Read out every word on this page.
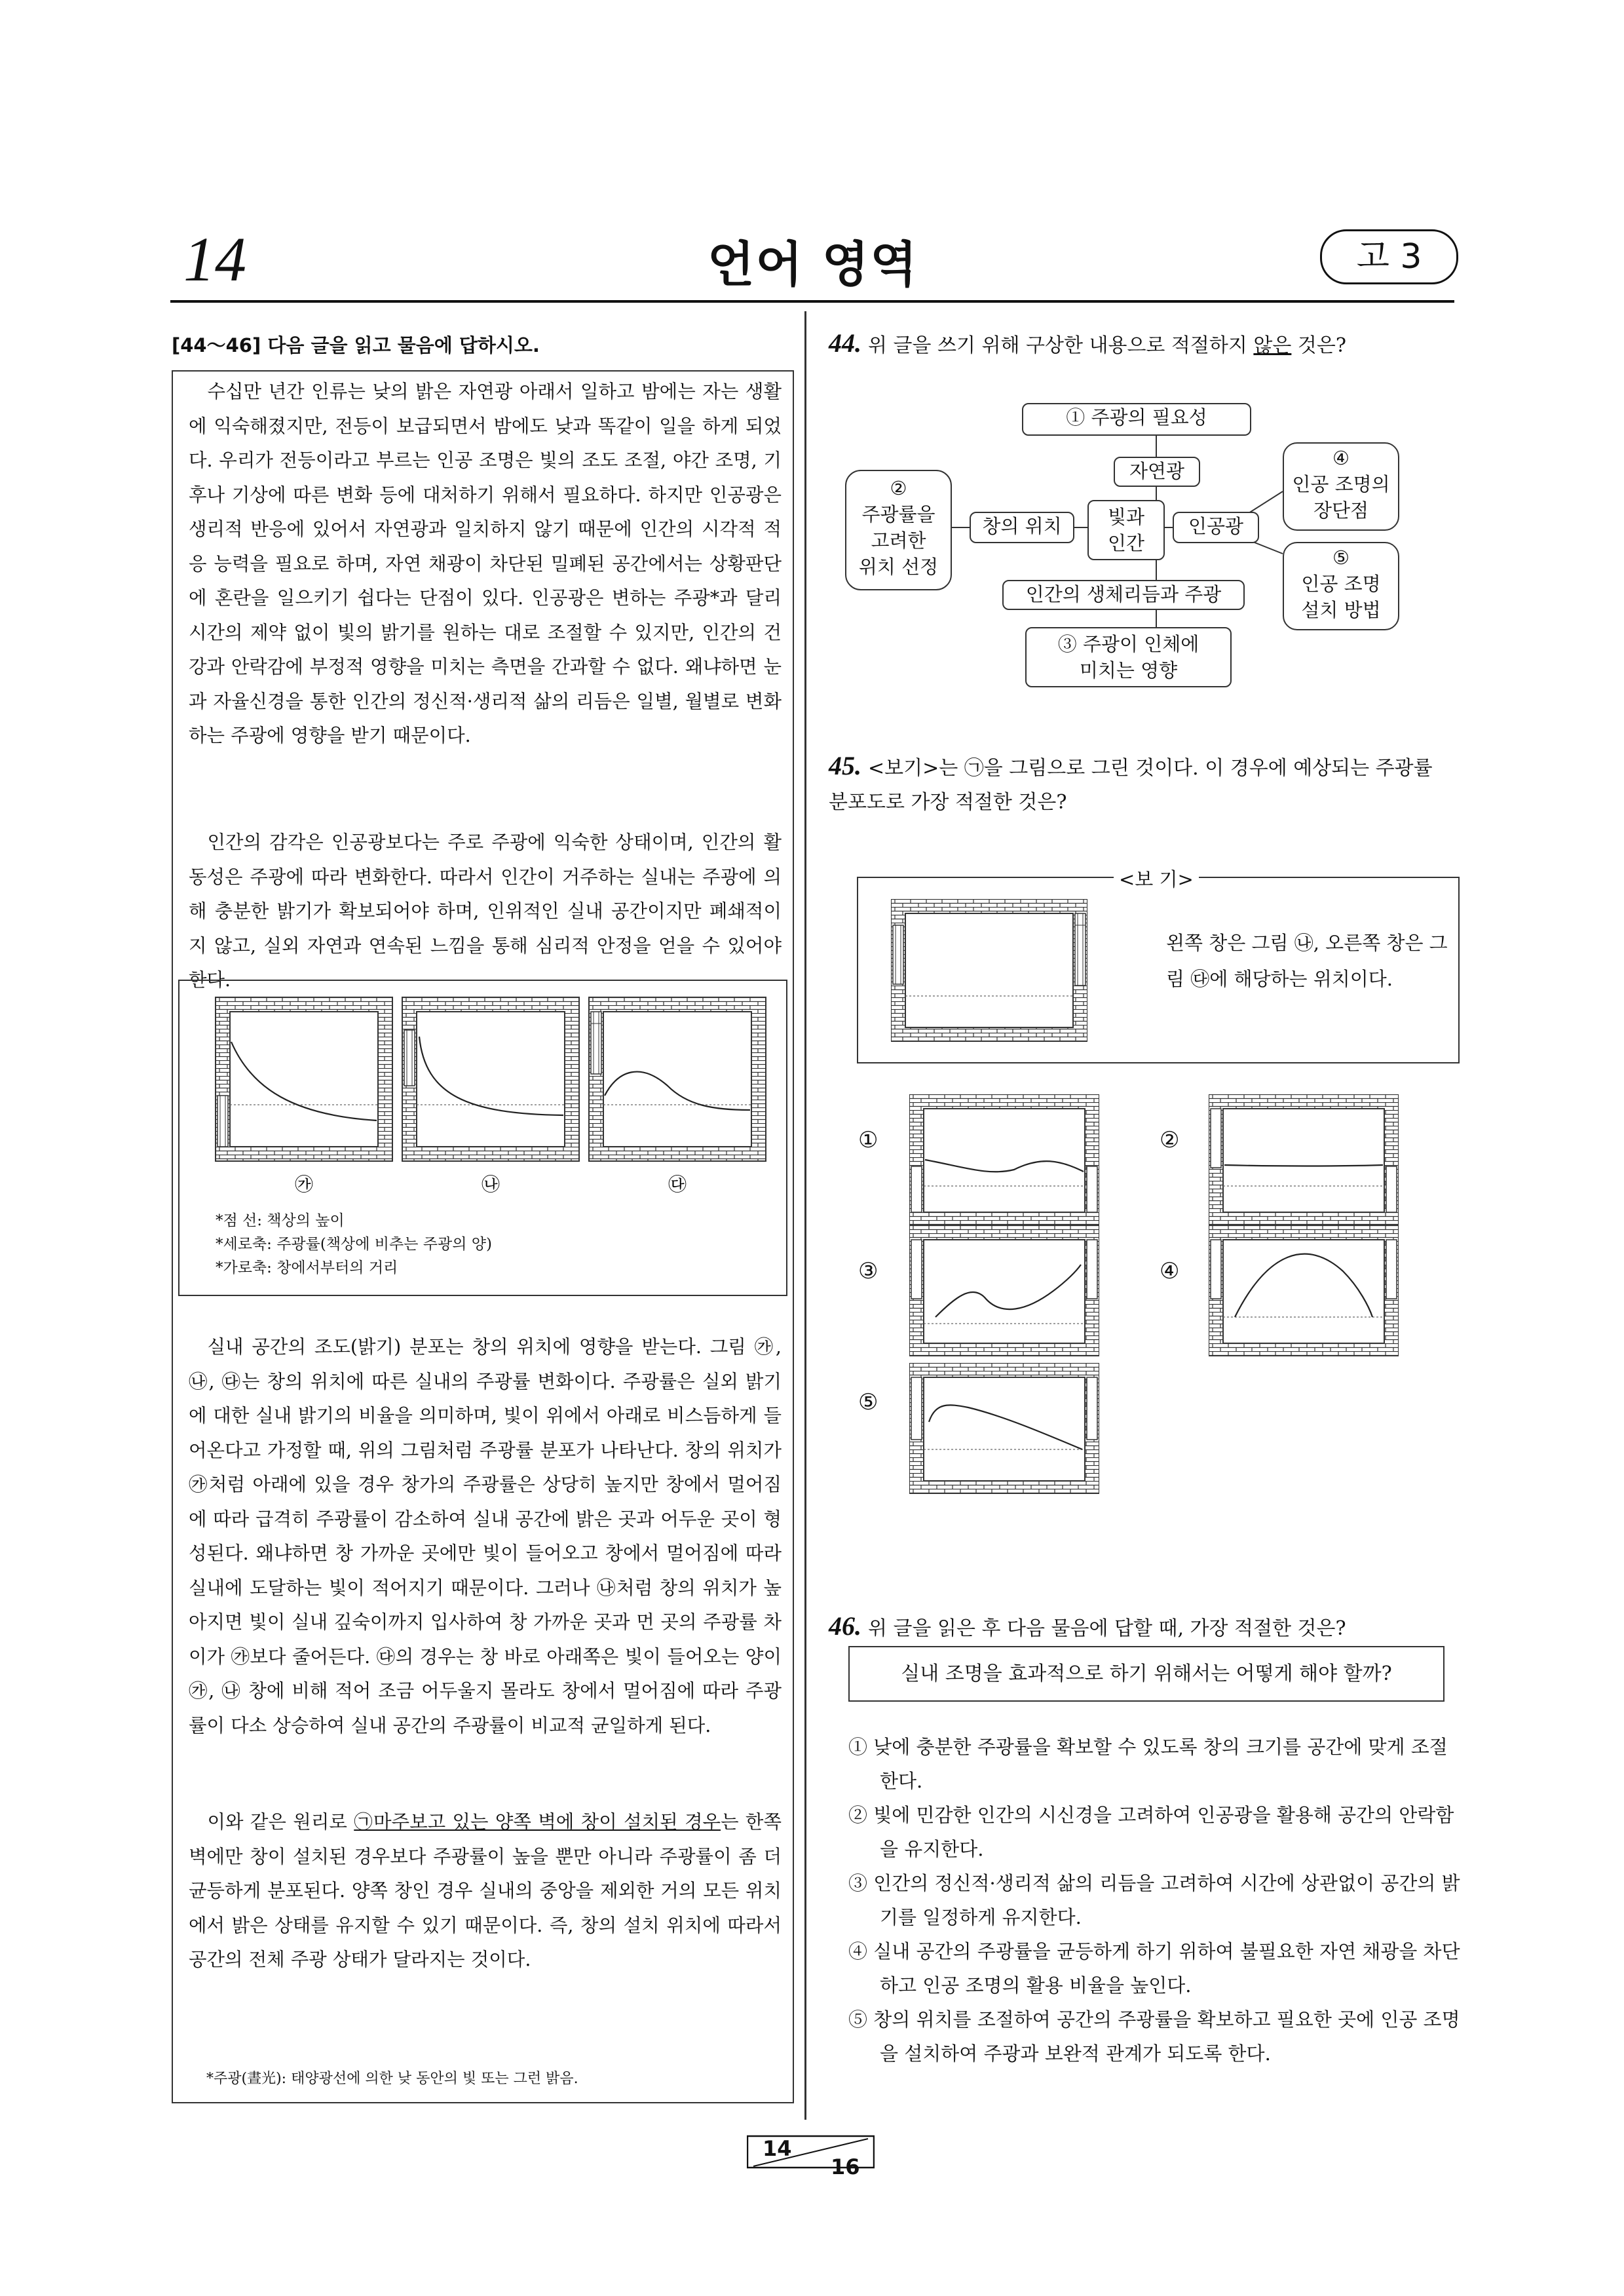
14	언어 영역	고 3
[44～46] 다음 글을 읽고 물음에 답하시오.

 수십만 년간 인류는 낮의 밝은 자연광 아래서 일하고 밤에는 자는 생활에 익숙해졌지만, 전등이 보급되면서 밤에도 낮과 똑같이 일을 하게 되었다. 우리가 전등이라고 부르는 인공 조명은 빛의 조도 조절, 야간 조명, 기후나 기상에 따른 변화 등에 대처하기 위해서 필요하다. 하지만 인공광은 생리적 반응에 있어서 자연광과 일치하지 않기 때문에 인간의 시각적 적응 능력을 필요로 하며, 자연 채광이 차단된 밀폐된 공간에서는 상황판단에 혼란을 일으키기 쉽다는 단점이 있다. 인공광은 변하는 주광*과 달리 시간의 제약 없이 빛의 밝기를 원하는 대로 조절할 수 있지만, 인간의 건강과 안락감에 부정적 영향을 미치는 측면을 간과할 수 없다. 왜냐하면 눈과 자율신경을 통한 인간의 정신적·생리적 삶의 리듬은 일별, 월별로 변화하는 주광에 영향을 받기 때문이다.

 인간의 감각은 인공광보다는 주로 주광에 익숙한 상태이며, 인간의 활동성은 주광에 따라 변화한다. 따라서 인간이 거주하는 실내는 주광에 의해 충분한 밝기가 확보되어야 하며, 인위적인 실내 공간이지만 폐쇄적이지 않고, 실외 자연과 연속된 느낌을 통해 심리적 안정을 얻을 수 있어야 한다.

㉮	㉯	㉰
*점 선: 책상의 높이
*세로축: 주광률(책상에 비추는 주광의 양)
*가로축: 창에서부터의 거리

 실내 공간의 조도(밝기) 분포는 창의 위치에 영향을 받는다. 그림 ㉮, ㉯, ㉰는 창의 위치에 따른 실내의 주광률 변화이다. 주광률은 실외 밝기에 대한 실내 밝기의 비율을 의미하며, 빛이 위에서 아래로 비스듬하게 들어온다고 가정할 때, 위의 그림처럼 주광률 분포가 나타난다. 창의 위치가 ㉮처럼 아래에 있을 경우 창가의 주광률은 상당히 높지만 창에서 멀어짐에 따라 급격히 주광률이 감소하여 실내 공간에 밝은 곳과 어두운 곳이 형성된다. 왜냐하면 창 가까운 곳에만 빛이 들어오고 창에서 멀어짐에 따라 실내에 도달하는 빛이 적어지기 때문이다. 그러나 ㉯처럼 창의 위치가 높아지면 빛이 실내 깊숙이까지 입사하여 창 가까운 곳과 먼 곳의 주광률 차이가 ㉮보다 줄어든다. ㉰의 경우는 창 바로 아래쪽은 빛이 들어오는 양이 ㉮, ㉯ 창에 비해 적어 조금 어두울지 몰라도 창에서 멀어짐에 따라 주광률이 다소 상승하여 실내 공간의 주광률이 비교적 균일하게 된다.

 이와 같은 원리로 ㉠마주보고 있는 양쪽 벽에 창이 설치된 경우는 한쪽 벽에만 창이 설치된 경우보다 주광률이 높을 뿐만 아니라 주광률이 좀 더 균등하게 분포된다. 양쪽 창인 경우 실내의 중앙을 제외한 거의 모든 위치에서 밝은 상태를 유지할 수 있기 때문이다. 즉, 창의 설치 위치에 따라서 공간의 전체 주광 상태가 달라지는 것이다.

*주광(晝光): 태양광선에 의한 낮 동안의 빛 또는 그런 밝음.
44. 위 글을 쓰기 위해 구상한 내용으로 적절하지 않은 것은?
① 주광의 필요성
자연광
②
주광률을
고려한
위치 선정
창의 위치	빛과
인간
인공광
④
인공 조명의
장단점
⑤
인공 조명
설치 방법
인간의 생체리듬과 주광
③ 주광이 인체에
미치는 영향
45. <보기>는 ㉠을 그림으로 그린 것이다. 이 경우에 예상되는 주광률 분포도로 가장 적절한 것은?
<보 기>
왼쪽 창은 그림 ㉯, 오른쪽 창은 그림 ㉰에 해당하는 위치이다.
①	②
③	④
⑤
46. 위 글을 읽은 후 다음 물음에 답할 때, 가장 적절한 것은?
실내 조명을 효과적으로 하기 위해서는 어떻게 해야 할까?

① 낮에 충분한 주광률을 확보할 수 있도록 창의 크기를 공간에 맞게 조절한다.

② 빛에 민감한 인간의 시신경을 고려하여 인공광을 활용해 공간의 안락함을 유지한다.

③ 인간의 정신적·생리적 삶의 리듬을 고려하여 시간에 상관없이 공간의 밝기를 일정하게 유지한다.

④ 실내 공간의 주광률을 균등하게 하기 위하여 불필요한 자연 채광을 차단하고 인공 조명의 활용 비율을 높인다.

⑤ 창의 위치를 조절하여 공간의 주광률을 확보하고 필요한 곳에 인공 조명을 설치하여 주광과 보완적 관계가 되도록 한다.

14
16
